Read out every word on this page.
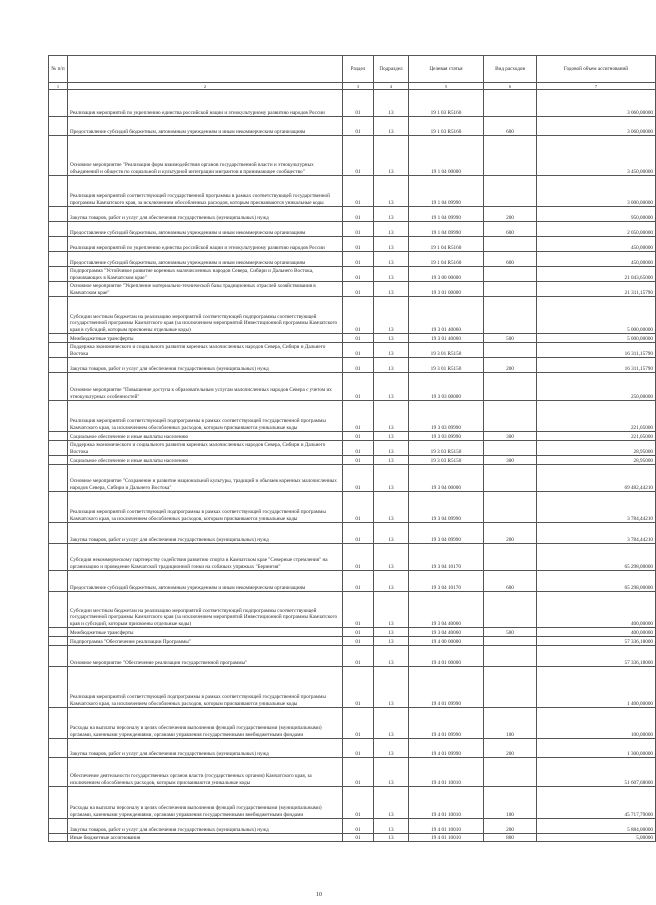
№ п/п		Раздел	Подраздел	Целевая статья	Вид расходов	Годовой объем ассигнований
1	2	3	4	5	6	7
	Реализация мероприятий по укреплению единства российской нации и этнокультурному развитию народов России	01	13	19 1 03 R5160		3 060,00000
	Предоставление субсидий бюджетным, автономным учреждениям и иным некоммерческим организациям	01	13	19 1 03 R5160	600	3 060,00000
	Основное мероприятие "Реализация форм взаимодействия органов государственной власти и этнокультурных объединений и обществ по социальной и культурной интеграции мигрантов в принимающее сообщество"	01	13	19 1 04 00000		3 450,00000
	Реализация мероприятий соответствующей государственной программы в рамках соответствующей государственной программы Камчатского края, за исключением обособленных расходов, которым присваиваются уникальные коды	01	13	19 1 04 09990		3 000,00000
	Закупка товаров, работ и услуг для обеспечения государственных (муниципальных) нужд	01	13	19 1 04 09990	200	950,00000
	Предоставление субсидий бюджетным, автономным учреждениям и иным некоммерческим организациям	01	13	19 1 04 09990	600	2 050,00000
	Реализация мероприятий по укреплению единства российской нации и этнокультурному развитию народов России	01	13	19 1 04 R5160		450,00000
	Предоставление субсидий бюджетным, автономным учреждениям и иным некоммерческим организациям	01	13	19 1 04 R5160	600	450,00000
	Подпрограмма "Устойчивое развитие коренных малочисленных народов Севера, Сибири и Дальнего Востока, проживающих в Камчатском крае"	01	13	19 3 00 00000		21 043,65000
	Основное мероприятие "Укрепление материально-технической базы традиционных отраслей хозяйствования в Камчатском крае"	01	13	19 3 01 00000		21 311,15790
	Субсидии местным бюджетам на реализацию мероприятий соответствующей подпрограммы соответствующей государственной программы Камчатского края (за исключением мероприятий Инвестиционной программы Камчатского края в субсидий, которым присвоены отдельные коды)	01	13	19 3 01 40060		5 000,00000
	Межбюджетные трансферты	01	13	19 3 01 40060	500	5 000,00000
	Поддержка экономического и социального развития коренных малочисленных народов Севера, Сибири и Дальнего Востока	01	13	19 3 01 R5150		16 311,15790
	Закупка товаров, работ и услуг для обеспечения государственных (муниципальных) нужд	01	13	19 3 01 R5150	200	16 311,15790
	Основное мероприятие "Повышение доступа к образовательным услугам малочисленных народов Севера с учетом их этнокультурных особенностей"	01	13	19 3 03 00000		250,00000
	Реализация мероприятий соответствующей подпрограммы в рамках соответствующей государственной программы Камчатского края, за исключением обособленных расходов, которым присваиваются уникальные коды	01	13	19 3 03 09990		221,05000
	Социальное обеспечение и иные выплаты населению	01	13	19 3 03 09990	300	221,05000
	Поддержка экономического и социального развития коренных малочисленных народов Севера, Сибири и Дальнего Востока	01	13	19 3 03 R5150		28,95000
	Социальное обеспечение и иные выплаты населению	01	13	19 3 03 R5150	300	28,95000
	Основное мероприятие "Сохранение и развитие национальной культуры, традиций и обычаев коренных малочисленных народов Севера, Сибири и Дальнего Востока"	01	13	19 3 04 00000		69 482,44210
	Реализация мероприятий соответствующей подпрограммы в рамках соответствующей государственной программы Камчатского края, за исключением обособленных расходов, которым присваиваются уникальные коды	01	13	19 3 04 09990		3 784,44210
	Закупка товаров, работ и услуг для обеспечения государственных (муниципальных) нужд	01	13	19 3 04 09990	200	3 784,44210
	Субсидия некоммерческому партнерству содействия развитию спорта в Камчатском крае "Северные стремления" на организацию и проведение Камчатской традиционной гонки на собачьих упряжках "Берингия"	01	13	19 3 04 10170		65 298,00000
	Предоставление субсидий бюджетным, автономным учреждениям и иным некоммерческим организациям	01	13	19 3 04 10170	600	65 298,00000
	Субсидии местным бюджетам на реализацию мероприятий соответствующей подпрограммы соответствующей государственной программы Камчатского края (за исключением мероприятий Инвестиционной программы Камчатского края и субсидий, которым присвоены отдельные коды)	01	13	19 3 04 40060		400,00000
	Межбюджетные трансферты	01	13	19 3 04 40060	500	400,00000
	Подпрограмма "Обеспечение реализации Программы"	01	13	19 4 00 00000		57 336,18000
	Основное мероприятие "Обеспечение реализации государственной программы"	01	13	19 4 01 00000		57 336,18000
	Реализация мероприятий соответствующей подпрограммы в рамках соответствующей государственной программы Камчатского края, за исключением обособленных расходов, которым присваиваются уникальные коды	01	13	19 4 01 09990		1 400,00000
	Расходы на выплаты персоналу в целях обеспечения выполнения функций государственными (муниципальными) органами, казенными учреждениями, органами управления государственными внебюджетными фондами	01	13	19 4 01 09990	100	100,00000
	Закупка товаров, работ и услуг для обеспечения государственных (муниципальных) нужд	01	13	19 4 01 09990	200	1 300,00000
	Обеспечение деятельности государственных органов власти (государственных органов) Камчатского края, за исключением обособленных расходов, которым присваиваются уникальные коды	01	13	19 4 01 10010		51 607,68000
	Расходы на выплаты персоналу в целях обеспечения выполнения функций государственными (муниципальными) органами, казенными учреждениями, органами управления государственными внебюджетными фондами	01	13	19 4 01 10010	100	45 717,79000
	Закупка товаров, работ и услуг для обеспечения государственных (муниципальных) нужд	01	13	19 4 01 10010	200	5 884,00000
	Иные бюджетные ассигнования	01	13	19 4 01 10010	800	5,00000
10
